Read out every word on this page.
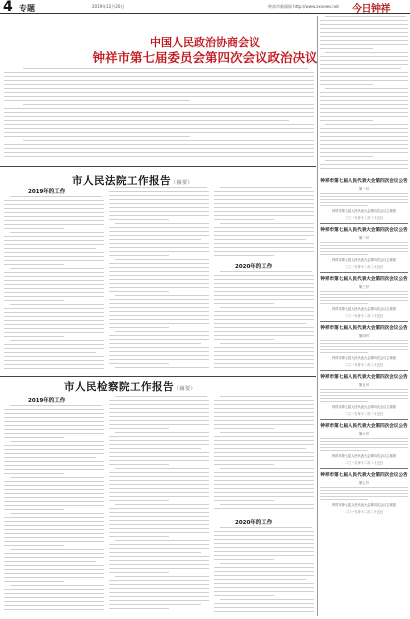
4 专题	2019年12月26日	钟祥市新闻网 http://www.zxnews.net 今日钟祥
中国人民政治协商会议
钟祥市第七届委员会第四次会议政治决议
市人民法院工作报告（摘要）
2019年的工作
2020年的工作
市人民检察院工作报告（摘要）
2019年的工作
2020年的工作
钟祥市第七届人民代表大会第四次会议公告
第一号
钟祥市第七届人民代表大会第四次会议主席团
二〇一九年十二月二十五日
钟祥市第七届人民代表大会第四次会议公告
第二号
钟祥市第七届人民代表大会第四次会议主席团
二〇一九年十二月二十五日
钟祥市第七届人民代表大会第四次会议公告
第三号
钟祥市第七届人民代表大会第四次会议主席团
二〇一九年十二月二十五日
钟祥市第七届人民代表大会第四次会议公告
第四号
钟祥市第七届人民代表大会第四次会议主席团
二〇一九年十二月二十五日
钟祥市第七届人民代表大会第四次会议公告
第五号
钟祥市第七届人民代表大会第四次会议主席团
二〇一九年十二月二十五日
钟祥市第七届人民代表大会第四次会议公告
第六号
钟祥市第七届人民代表大会第四次会议主席团
二〇一九年十二月二十五日
钟祥市第七届人民代表大会第四次会议公告
第七号
钟祥市第七届人民代表大会第四次会议主席团
二〇一九年十二月二十五日
